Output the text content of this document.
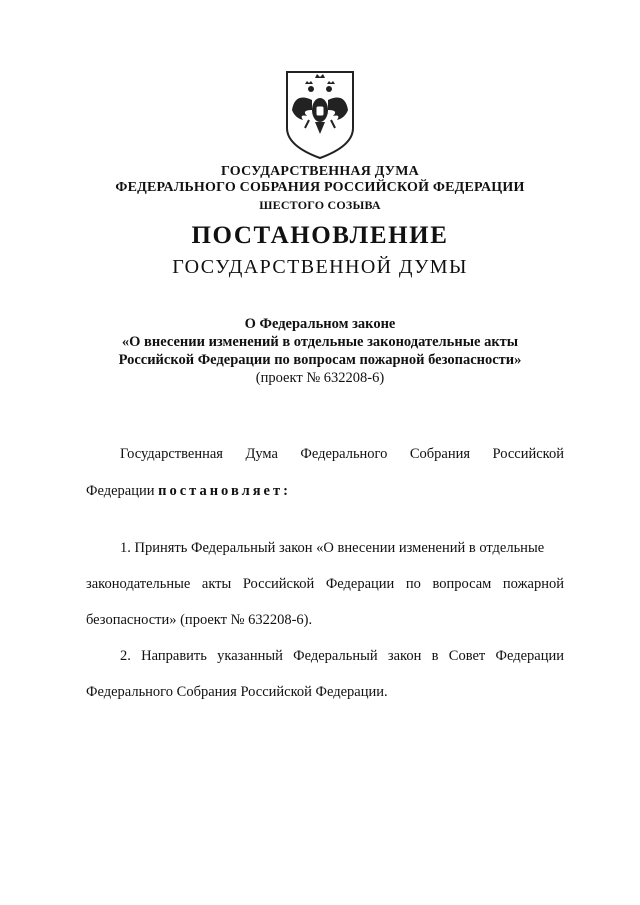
ГОСУДАРСТВЕННАЯ ДУМА
ФЕДЕРАЛЬНОГО СОБРАНИЯ РОССИЙСКОЙ ФЕДЕРАЦИИ
ШЕСТОГО СОЗЫВА
ПОСТАНОВЛЕНИЕ
ГОСУДАРСТВЕННОЙ ДУМЫ
О Федеральном законе
«О внесении изменений в отдельные законодательные акты
Российской Федерации по вопросам пожарной безопасности»
(проект № 632208-6)
Государственная Дума Федерального Собрания Российской
Федерации постановляет:
1. Принять Федеральный закон «О внесении изменений в отдельные
законодательные акты Российской Федерации по вопросам пожарной
безопасности» (проект № 632208-6).
2. Направить указанный Федеральный закон в Совет Федерации
Федерального Собрания Российской Федерации.
